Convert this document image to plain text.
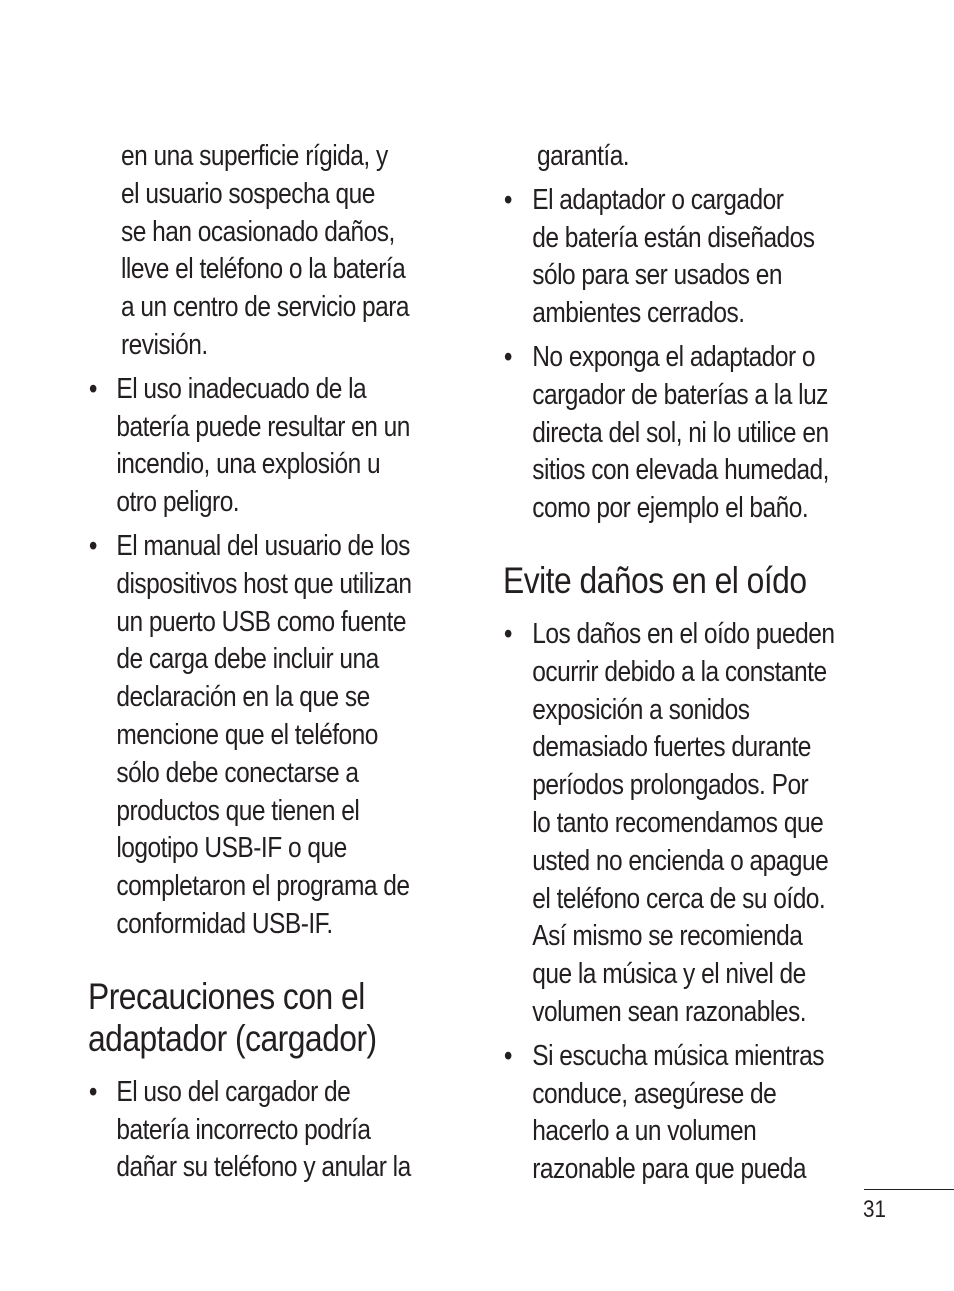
en una superficie rígida, y
el usuario sospecha que
se han ocasionado daños,
lleve el teléfono o la batería
a un centro de servicio para
revisión.
• El uso inadecuado de la
batería puede resultar en un
incendio, una explosión u
otro peligro.
• El manual del usuario de los
dispositivos host que utilizan
un puerto USB como fuente
de carga debe incluir una
declaración en la que se
mencione que el teléfono
sólo debe conectarse a
productos que tienen el
logotipo USB-IF o que
completaron el programa de
conformidad USB-IF.
Precauciones con el
adaptador (cargador)
• El uso del cargador de
batería incorrecto podría
dañar su teléfono y anular la
garantía.
• El adaptador o cargador
de batería están diseñados
sólo para ser usados en
ambientes cerrados.
• No exponga el adaptador o
cargador de baterías a la luz
directa del sol, ni lo utilice en
sitios con elevada humedad,
como por ejemplo el baño.
Evite daños en el oído
• Los daños en el oído pueden
ocurrir debido a la constante
exposición a sonidos
demasiado fuertes durante
períodos prolongados. Por
lo tanto recomendamos que
usted no encienda o apague
el teléfono cerca de su oído.
Así mismo se recomienda
que la música y el nivel de
volumen sean razonables.
• Si escucha música mientras
conduce, asegúrese de
hacerlo a un volumen
razonable para que pueda
31
